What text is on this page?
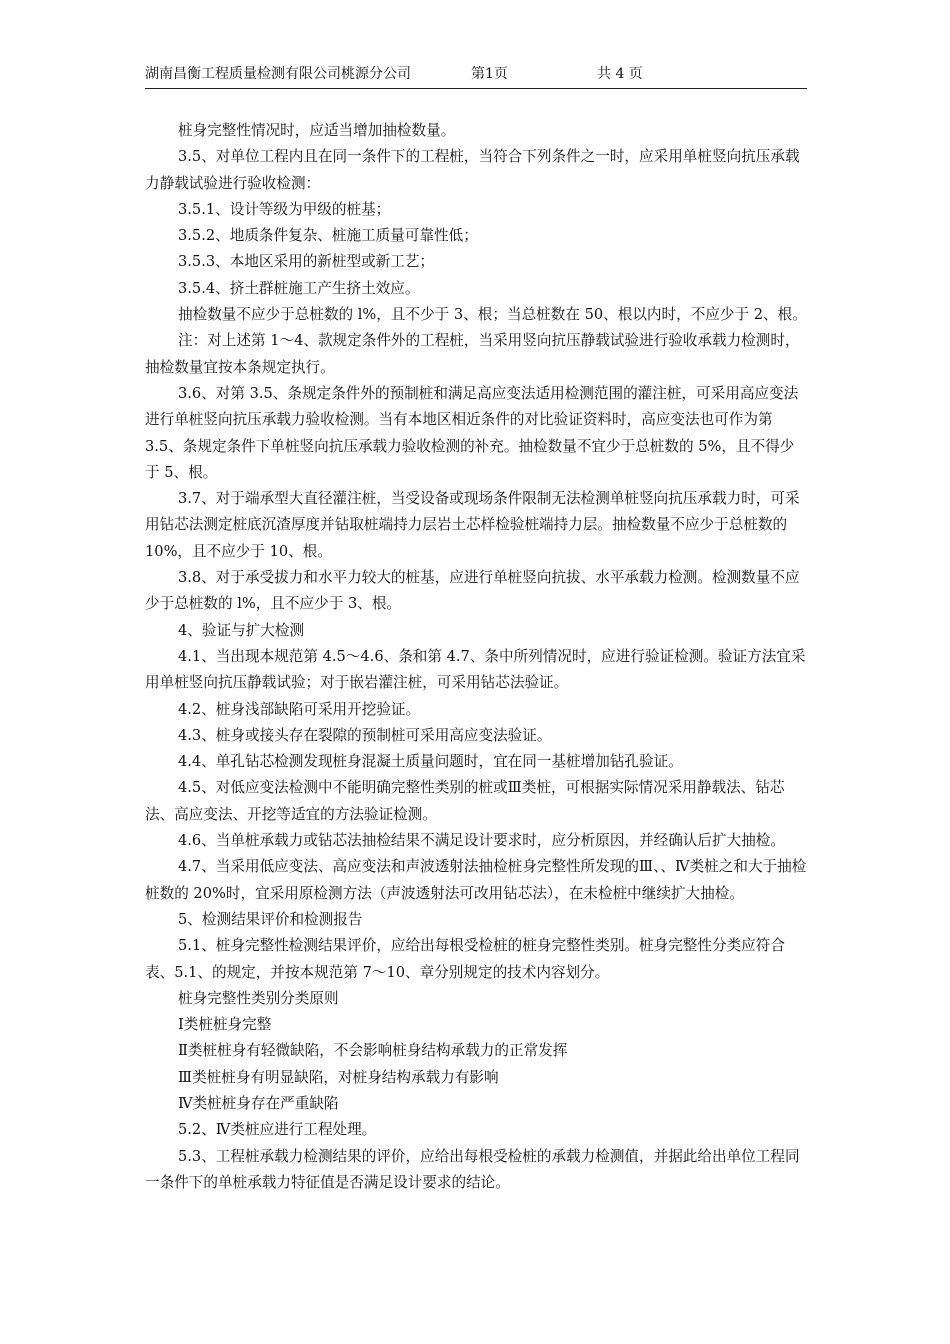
湖南昌衡工程质量检测有限公司桃源分公司	第1页	共 4 页

桩身完整性情况时，应适当增加抽检数量。

3.5、对单位工程内且在同一条件下的工程桩，当符合下列条件之一时，应采用单桩竖向抗压承载力静载试验进行验收检测：

3.5.1、设计等级为甲级的桩基；

3.5.2、地质条件复杂、桩施工质量可靠性低；

3.5.3、本地区采用的新桩型或新工艺；

3.5.4、挤土群桩施工产生挤土效应。

抽检数量不应少于总桩数的 l%，且不少于 3、根；当总桩数在 50、根以内时，不应少于 2、根。

注：对上述第 1～4、款规定条件外的工程桩，当采用竖向抗压静载试验进行验收承载力检测时，抽检数量宜按本条规定执行。

3.6、对第 3.5、条规定条件外的预制桩和满足高应变法适用检测范围的灌注桩，可采用高应变法进行单桩竖向抗压承载力验收检测。当有本地区相近条件的对比验证资料时，高应变法也可作为第 3.5、条规定条件下单桩竖向抗压承载力验收检测的补充。抽检数量不宜少于总桩数的 5%，且不得少于 5、根。

3.7、对于端承型大直径灌注桩，当受设备或现场条件限制无法检测单桩竖向抗压承载力时，可采用钻芯法测定桩底沉渣厚度并钻取桩端持力层岩土芯样检验桩端持力层。抽检数量不应少于总桩数的 10%，且不应少于 10、根。

3.8、对于承受拔力和水平力较大的桩基，应进行单桩竖向抗拔、水平承载力检测。检测数量不应少于总桩数的 l%，且不应少于 3、根。

4、验证与扩大检测

4.1、当出现本规范第 4.5～4.6、条和第 4.7、条中所列情况时，应进行验证检测。验证方法宜采用单桩竖向抗压静载试验；对于嵌岩灌注桩，可采用钻芯法验证。

4.2、桩身浅部缺陷可采用开挖验证。

4.3、桩身或接头存在裂隙的预制桩可采用高应变法验证。

4.4、单孔钻芯检测发现桩身混凝土质量问题时，宜在同一基桩增加钻孔验证。

4.5、对低应变法检测中不能明确完整性类别的桩或Ⅲ类桩，可根据实际情况采用静载法、钻芯法、高应变法、开挖等适宜的方法验证检测。

4.6、当单桩承载力或钻芯法抽检结果不满足设计要求时，应分析原因，并经确认后扩大抽检。

4.7、当采用低应变法、高应变法和声波透射法抽检桩身完整性所发现的Ⅲ、、Ⅳ类桩之和大于抽检桩数的 20%时，宜采用原检测方法（声波透射法可改用钻芯法），在未检桩中继续扩大抽检。

5、检测结果评价和检测报告

5.1、桩身完整性检测结果评价，应给出每根受检桩的桩身完整性类别。桩身完整性分类应符合表、5.1、的规定，并按本规范第 7～10、章分别规定的技术内容划分。

桩身完整性类别分类原则

Ⅰ类桩桩身完整

Ⅱ类桩桩身有轻微缺陷，不会影响桩身结构承载力的正常发挥

Ⅲ类桩桩身有明显缺陷，对桩身结构承载力有影响

Ⅳ类桩桩身存在严重缺陷

5.2、Ⅳ类桩应进行工程处理。

5.3、工程桩承载力检测结果的评价，应给出每根受检桩的承载力检测值，并据此给出单位工程同一条件下的单桩承载力特征值是否满足设计要求的结论。
